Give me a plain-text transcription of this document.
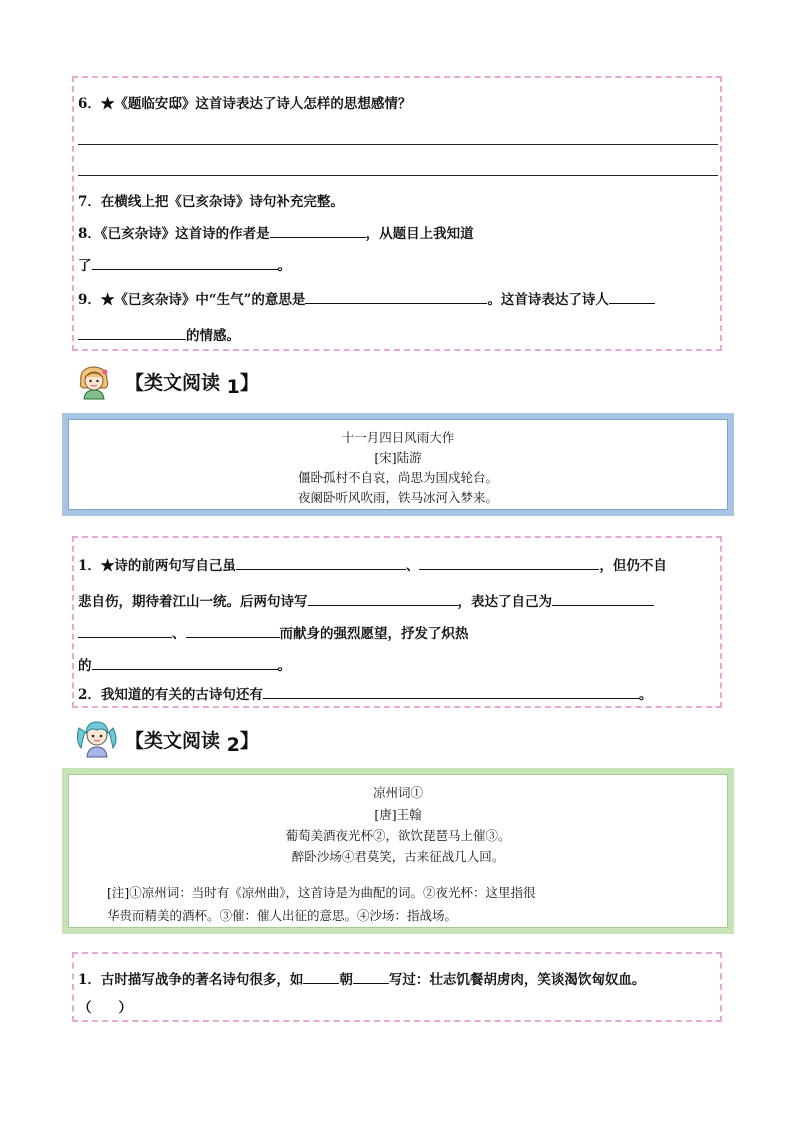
6．★《题临安邸》这首诗表达了诗人怎样的思想感情？
7．在横线上把《已亥杂诗》诗句补充完整。
8．《已亥杂诗》这首诗的作者是	，从题目上我知道
了	。
9．★《已亥杂诗》中“生气”的意思是	。这首诗表达了诗人
的情感。
【类文阅读 1】
十一月四日风雨大作
[宋]陆游
僵卧孤村不自哀，尚思为国戍轮台。
夜阑卧听风吹雨，铁马冰河入梦来。
1．★诗的前两句写自己虽	、	，但仍不自
悲自伤，期待着江山一统。后两句诗写	，表达了自己为
、	而献身的强烈愿望，抒发了炽热
的	。
2．我知道的有关的古诗句还有	。
【类文阅读 2】
凉州词①
[唐]王翰
葡萄美酒夜光杯②，欲饮琵琶马上催③。
醉卧沙场④君莫笑，古来征战几人回。
[注]①凉州词：当时有《凉州曲》，这首诗是为曲配的词。②夜光杯：这里指很
华贵而精美的酒杯。③催：催人出征的意思。④沙场：指战场。
1．古时描写战争的著名诗句很多，如	朝	写过：壮志饥餐胡虏肉，笑谈渴饮匈奴血。
（　　）
